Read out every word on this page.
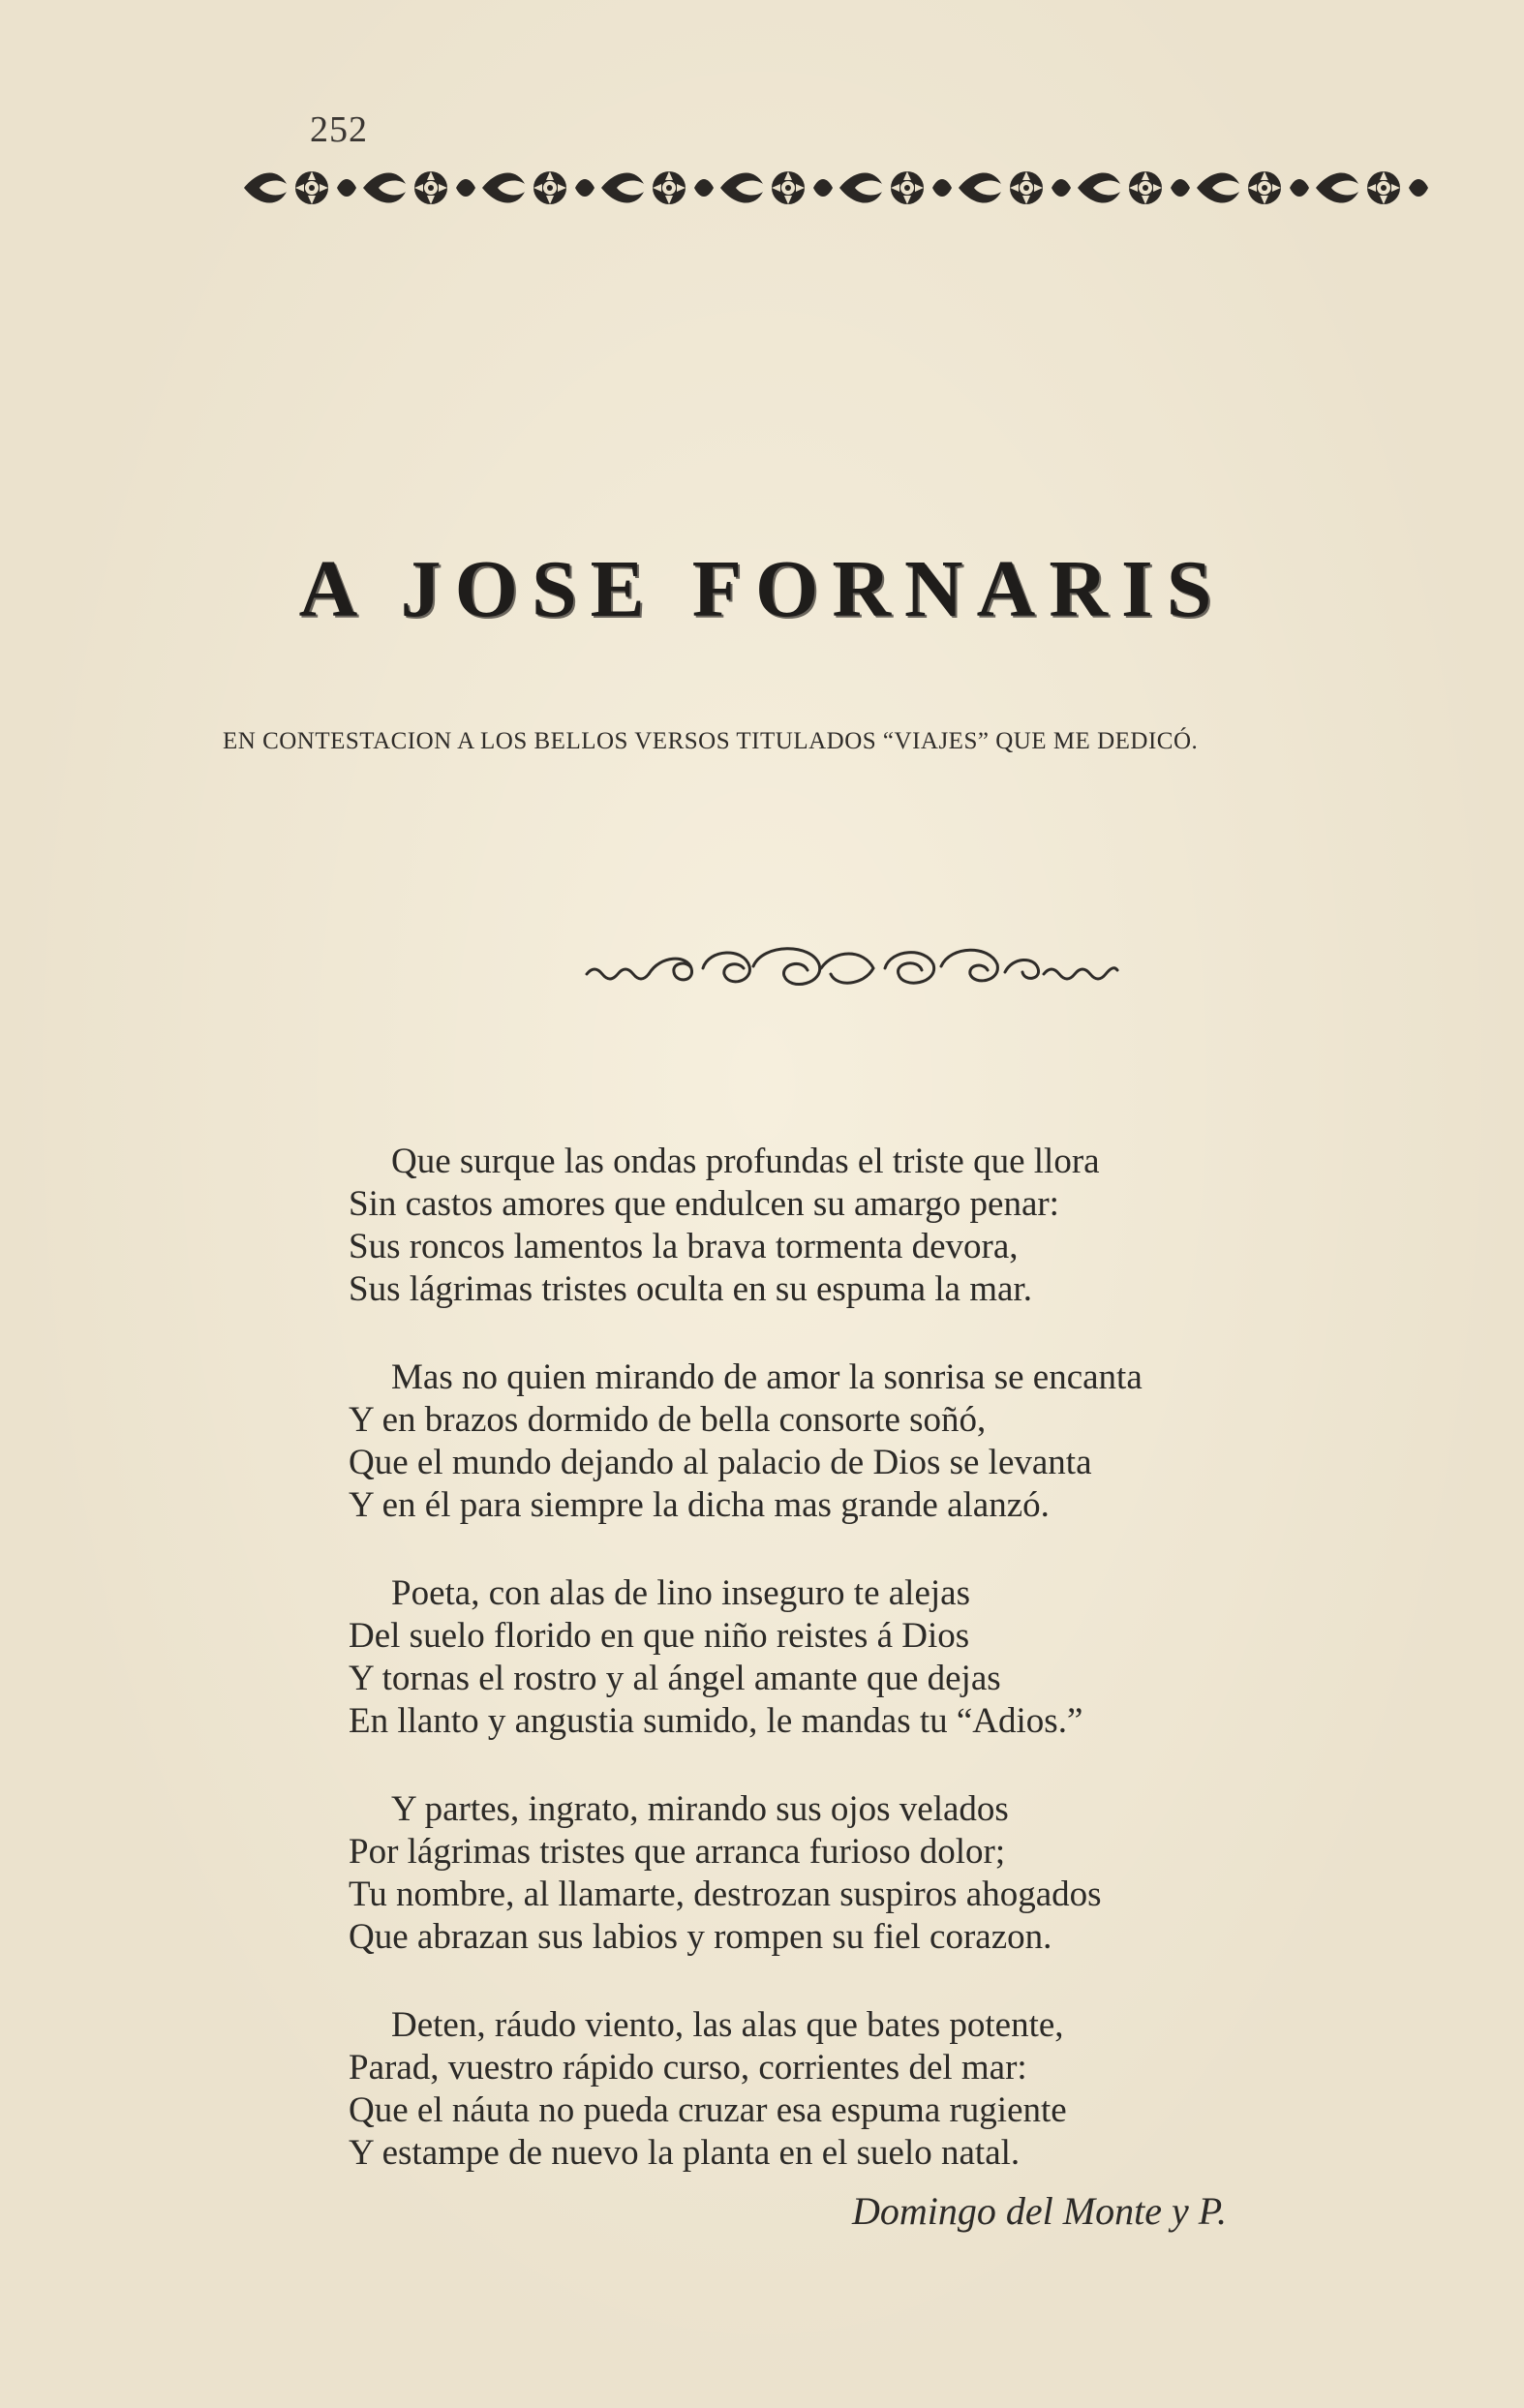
252
A JOSE FORNARIS
EN CONTESTACION A LOS BELLOS VERSOS TITULADOS “VIAJES” QUE ME DEDICÓ.
Que surque las ondas profundas el triste que llora
Sin castos amores que endulcen su amargo penar:
Sus roncos lamentos la brava tormenta devora,
Sus lágrimas tristes oculta en su espuma la mar.
Mas no quien mirando de amor la sonrisa se encanta
Y en brazos dormido de bella consorte soñó,
Que el mundo dejando al palacio de Dios se levanta
Y en él para siempre la dicha mas grande alanzó.
Poeta, con alas de lino inseguro te alejas
Del suelo florido en que niño reistes á Dios
Y tornas el rostro y al ángel amante que dejas
En llanto y angustia sumido, le mandas tu “Adios.”
Y partes, ingrato, mirando sus ojos velados
Por lágrimas tristes que arranca furioso dolor;
Tu nombre, al llamarte, destrozan suspiros ahogados
Que abrazan sus labios y rompen su fiel corazon.
Deten, ráudo viento, las alas que bates potente,
Parad, vuestro rápido curso, corrientes del mar:
Que el náuta no pueda cruzar esa espuma rugiente
Y estampe de nuevo la planta en el suelo natal.
Domingo del Monte y P.
